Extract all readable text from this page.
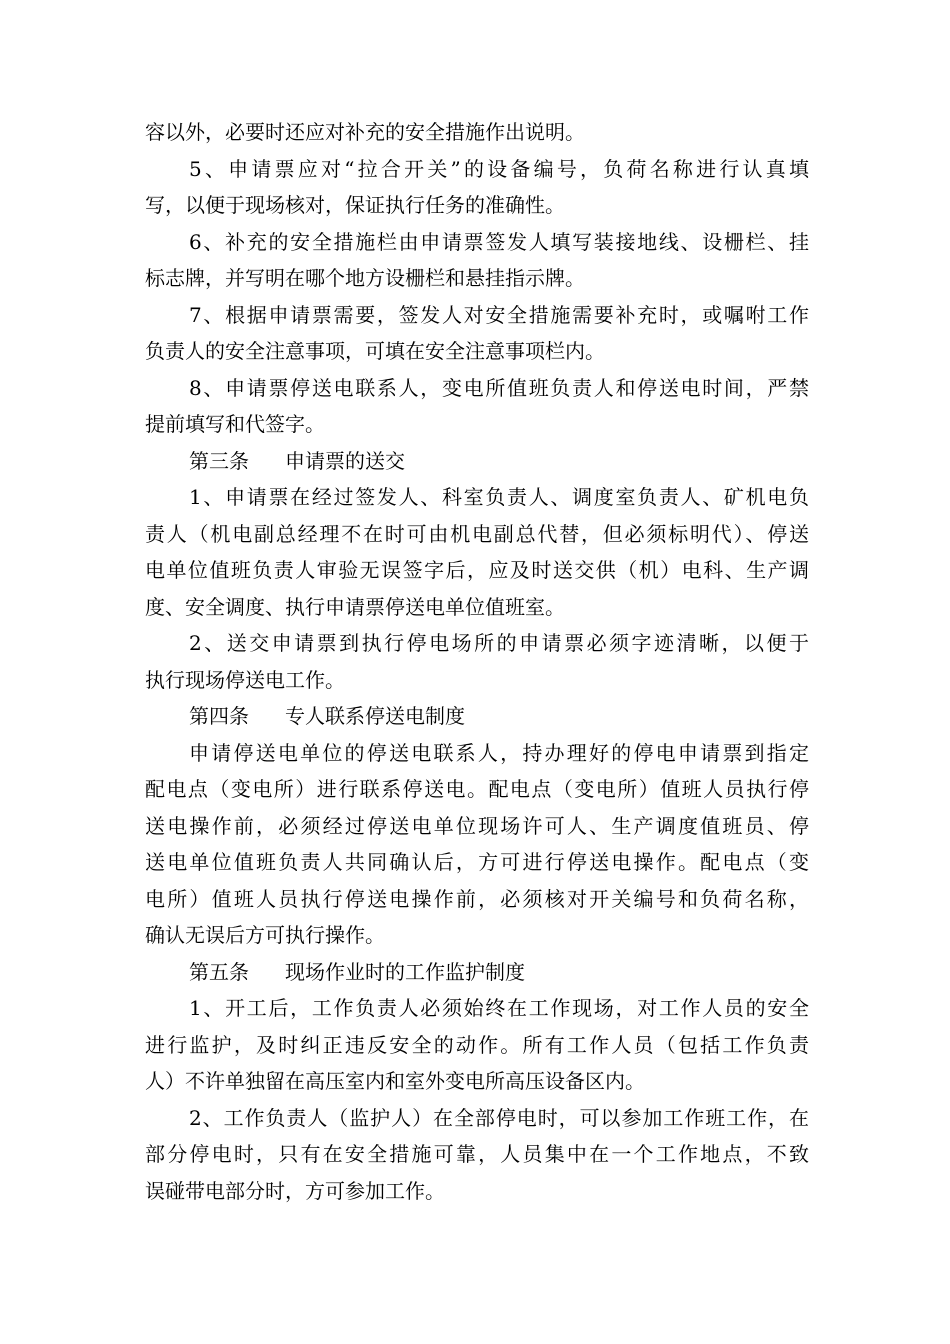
容以外，必要时还应对补充的安全措施作出说明。
5、申请票应对“拉合开关”的设备编号，负荷名称进行认真填
写，以便于现场核对，保证执行任务的准确性。
6、补充的安全措施栏由申请票签发人填写装接地线、设栅栏、挂
标志牌，并写明在哪个地方设栅栏和悬挂指示牌。
7、根据申请票需要，签发人对安全措施需要补充时，或嘱咐工作
负责人的安全注意事项，可填在安全注意事项栏内。
8、申请票停送电联系人，变电所值班负责人和停送电时间，严禁
提前填写和代签字。
第三条 申请票的送交
1、申请票在经过签发人、科室负责人、调度室负责人、矿机电负
责人（机电副总经理不在时可由机电副总代替，但必须标明代）、停送
电单位值班负责人审验无误签字后，应及时送交供（机）电科、生产调
度、安全调度、执行申请票停送电单位值班室。
2、送交申请票到执行停电场所的申请票必须字迹清晰，以便于
执行现场停送电工作。
第四条 专人联系停送电制度
申请停送电单位的停送电联系人，持办理好的停电申请票到指定
配电点（变电所）进行联系停送电。配电点（变电所）值班人员执行停
送电操作前，必须经过停送电单位现场许可人、生产调度值班员、停
送电单位值班负责人共同确认后，方可进行停送电操作。配电点（变
电所）值班人员执行停送电操作前，必须核对开关编号和负荷名称，
确认无误后方可执行操作。
第五条 现场作业时的工作监护制度
1、开工后，工作负责人必须始终在工作现场，对工作人员的安全
进行监护，及时纠正违反安全的动作。所有工作人员（包括工作负责
人）不许单独留在高压室内和室外变电所高压设备区内。
2、工作负责人（监护人）在全部停电时，可以参加工作班工作，在
部分停电时，只有在安全措施可靠，人员集中在一个工作地点，不致
误碰带电部分时，方可参加工作。
